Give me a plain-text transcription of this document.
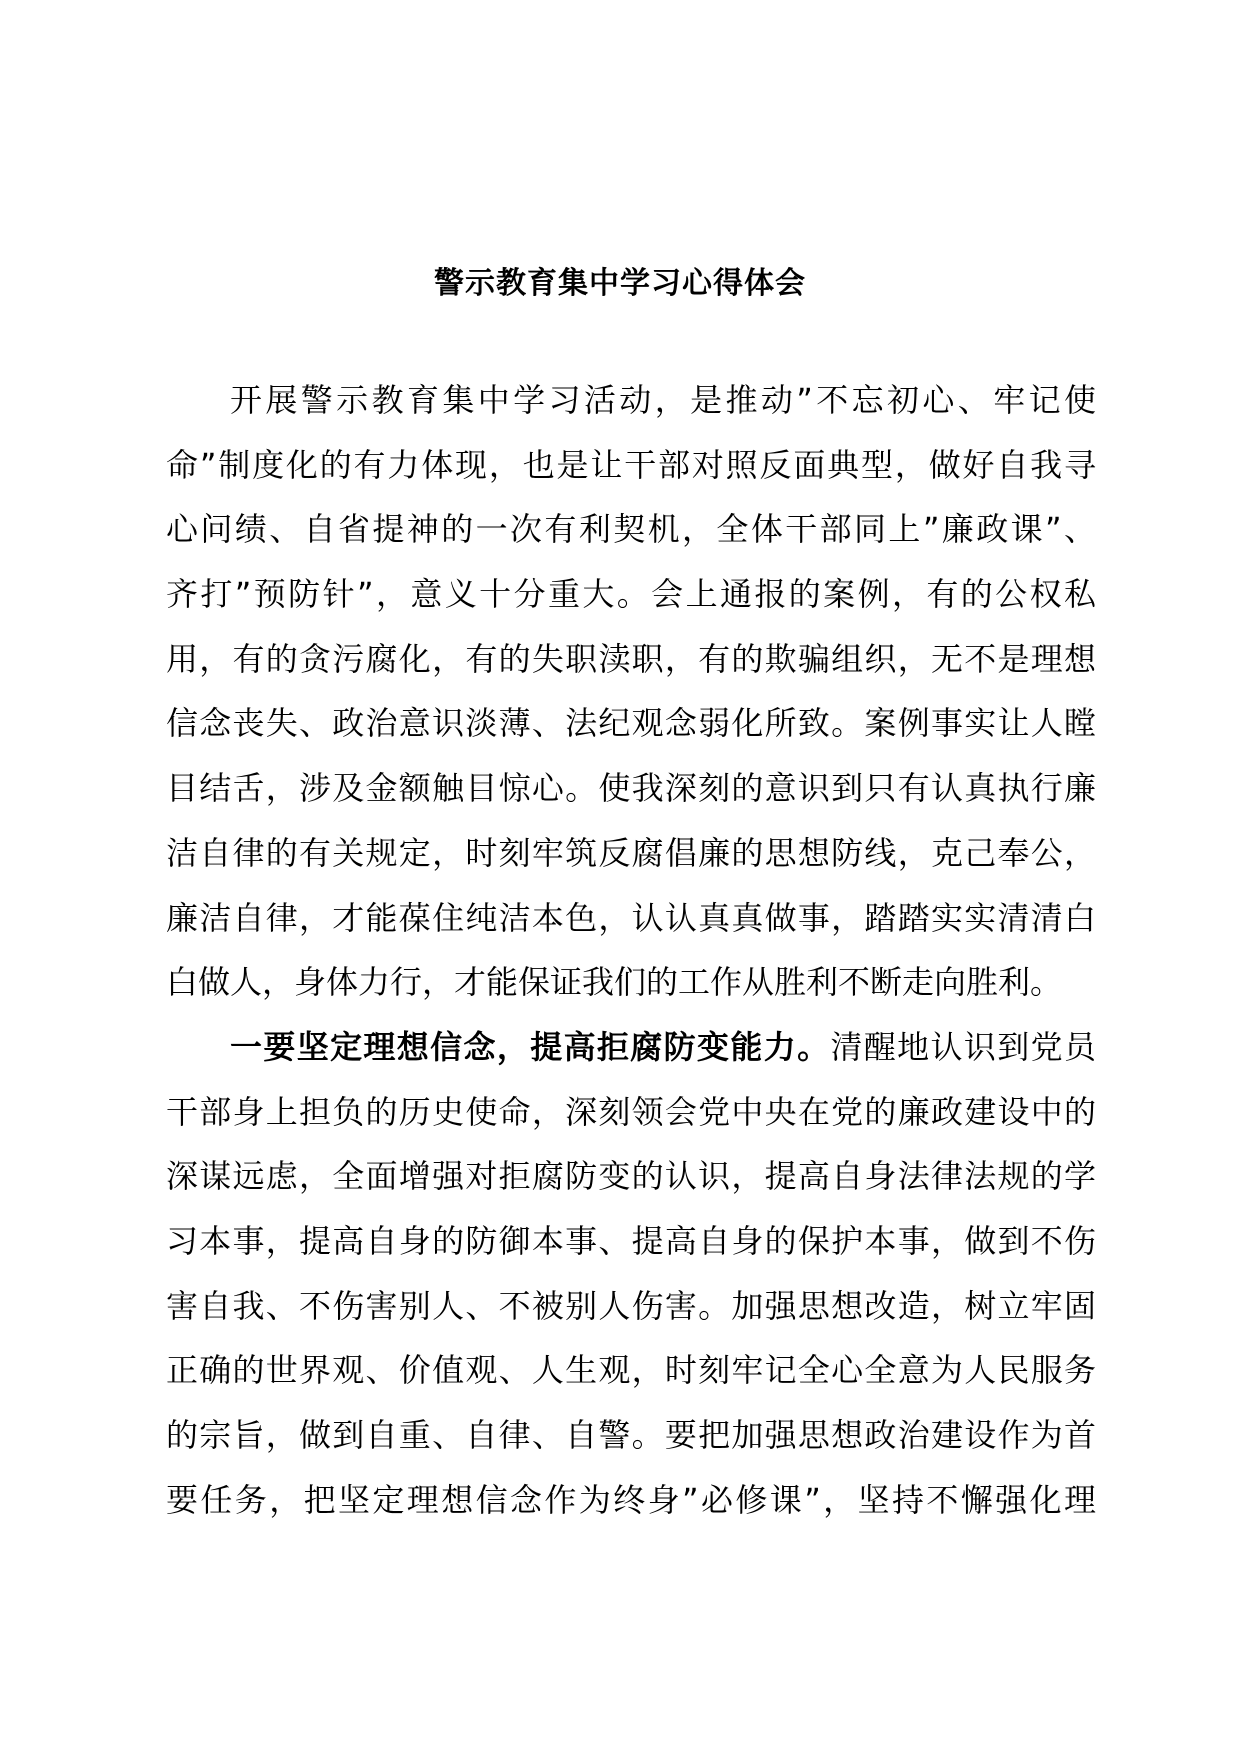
警示教育集中学习心得体会
开展警示教育集中学习活动，是推动”不忘初心、牢记使
命”制度化的有力体现，也是让干部对照反面典型，做好自我寻
心问绩、自省提神的一次有利契机，全体干部同上”廉政课”、
齐打”预防针”，意义十分重大。会上通报的案例，有的公权私
用，有的贪污腐化，有的失职渎职，有的欺骗组织，无不是理想
信念丧失、政治意识淡薄、法纪观念弱化所致。案例事实让人瞠
目结舌，涉及金额触目惊心。使我深刻的意识到只有认真执行廉
洁自律的有关规定，时刻牢筑反腐倡廉的思想防线，克己奉公，
廉洁自律，才能葆住纯洁本色，认认真真做事，踏踏实实清清白
白做人，身体力行，才能保证我们的工作从胜利不断走向胜利。
一要坚定理想信念，提高拒腐防变能力。清醒地认识到党员
干部身上担负的历史使命，深刻领会党中央在党的廉政建设中的
深谋远虑，全面增强对拒腐防变的认识，提高自身法律法规的学
习本事，提高自身的防御本事、提高自身的保护本事，做到不伤
害自我、不伤害别人、不被别人伤害。加强思想改造，树立牢固
正确的世界观、价值观、人生观，时刻牢记全心全意为人民服务
的宗旨，做到自重、自律、自警。要把加强思想政治建设作为首
要任务，把坚定理想信念作为终身”必修课”，坚持不懈强化理
